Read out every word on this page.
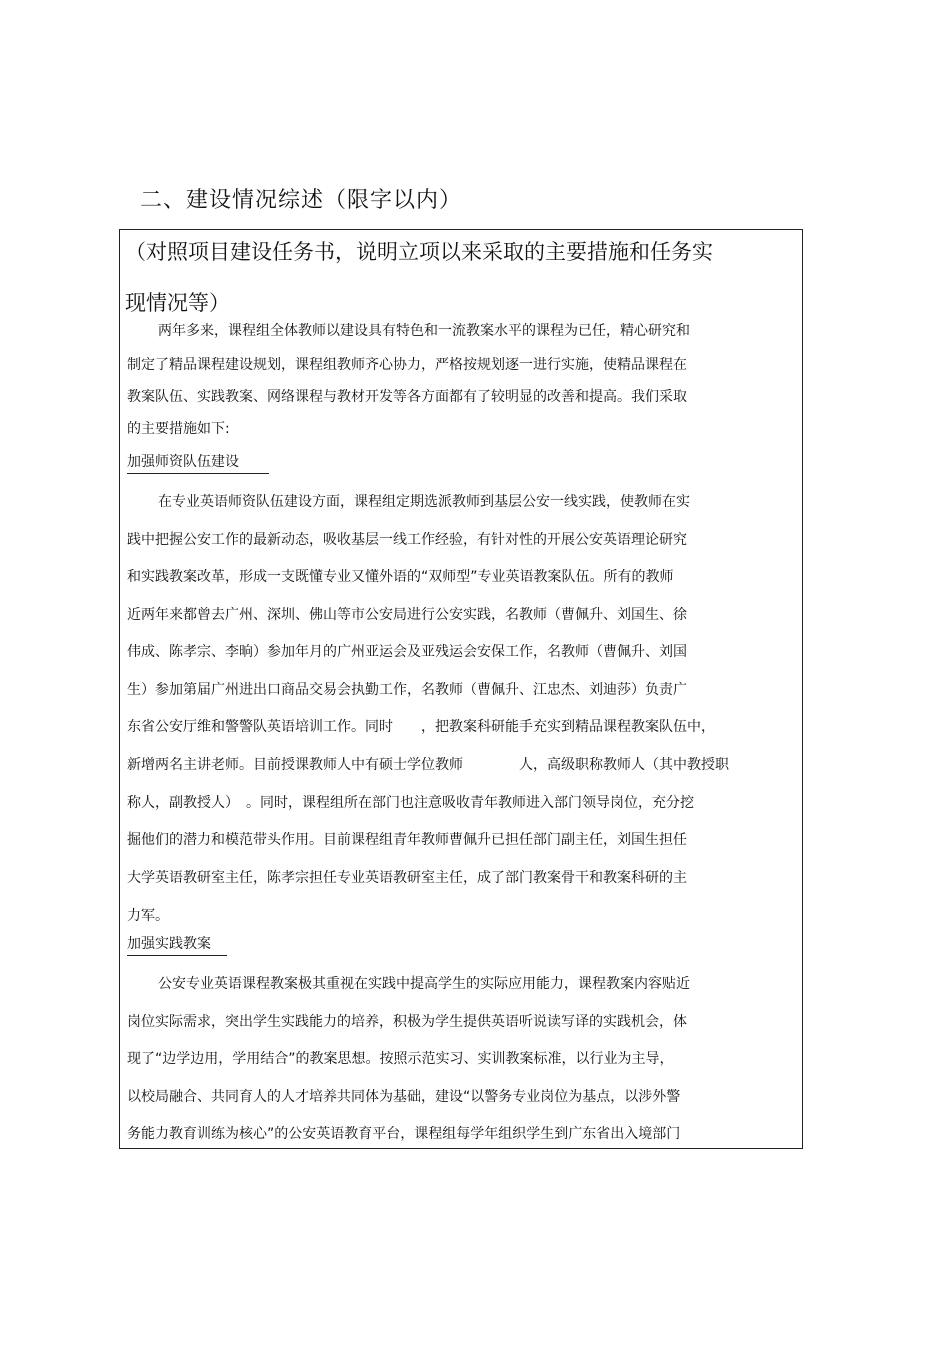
二、建设情况综述（限字以内）
（对照项目建设任务书，说明立项以来采取的主要措施和任务实
现情况等）
两年多来，课程组全体教师以建设具有特色和一流教案水平的课程为已任，精心研究和
制定了精品课程建设规划，课程组教师齐心协力，严格按规划逐一进行实施，使精品课程在
教案队伍、实践教案、网络课程与教材开发等各方面都有了较明显的改善和提高。我们采取
的主要措施如下:
加强师资队伍建设
在专业英语师资队伍建设方面，课程组定期选派教师到基层公安一线实践，使教师在实
践中把握公安工作的最新动态，吸收基层一线工作经验，有针对性的开展公安英语理论研究
和实践教案改革，形成一支既懂专业又懂外语的“双师型”专业英语教案队伍。所有的教师
近两年来都曾去广州、深圳、佛山等市公安局进行公安实践，名教师（曹佩升、刘国生、徐
伟成、陈孝宗、李晌）参加年月的广州亚运会及亚残运会安保工作，名教师（曹佩升、刘国
生）参加第届广州进出口商品交易会执勤工作，名教师（曹佩升、江忠杰、刘迪莎）负责广
东省公安厅维和警警队英语培训工作。同时　　，把教案科研能手充实到精品课程教案队伍中，
新增两名主讲老师。目前授课教师人中有硕士学位教师　　　　人，高级职称教师人（其中教授职
称人，副教授人）　。同时，课程组所在部门也注意吸收青年教师进入部门领导岗位，充分挖
掘他们的潜力和模范带头作用。目前课程组青年教师曹佩升已担任部门副主任，刘国生担任
大学英语教研室主任，陈孝宗担任专业英语教研室主任，成了部门教案骨干和教案科研的主
力军。
加强实践教案
公安专业英语课程教案极其重视在实践中提高学生的实际应用能力，课程教案内容贴近
岗位实际需求，突出学生实践能力的培养，积极为学生提供英语听说读写译的实践机会，体
现了“边学边用，学用结合”的教案思想。按照示范实习、实训教案标准，以行业为主导，
以校局融合、共同育人的人才培养共同体为基础，建设“以警务专业岗位为基点，以涉外警
务能力教育训练为核心”的公安英语教育平台，课程组每学年组织学生到广东省出入境部门
